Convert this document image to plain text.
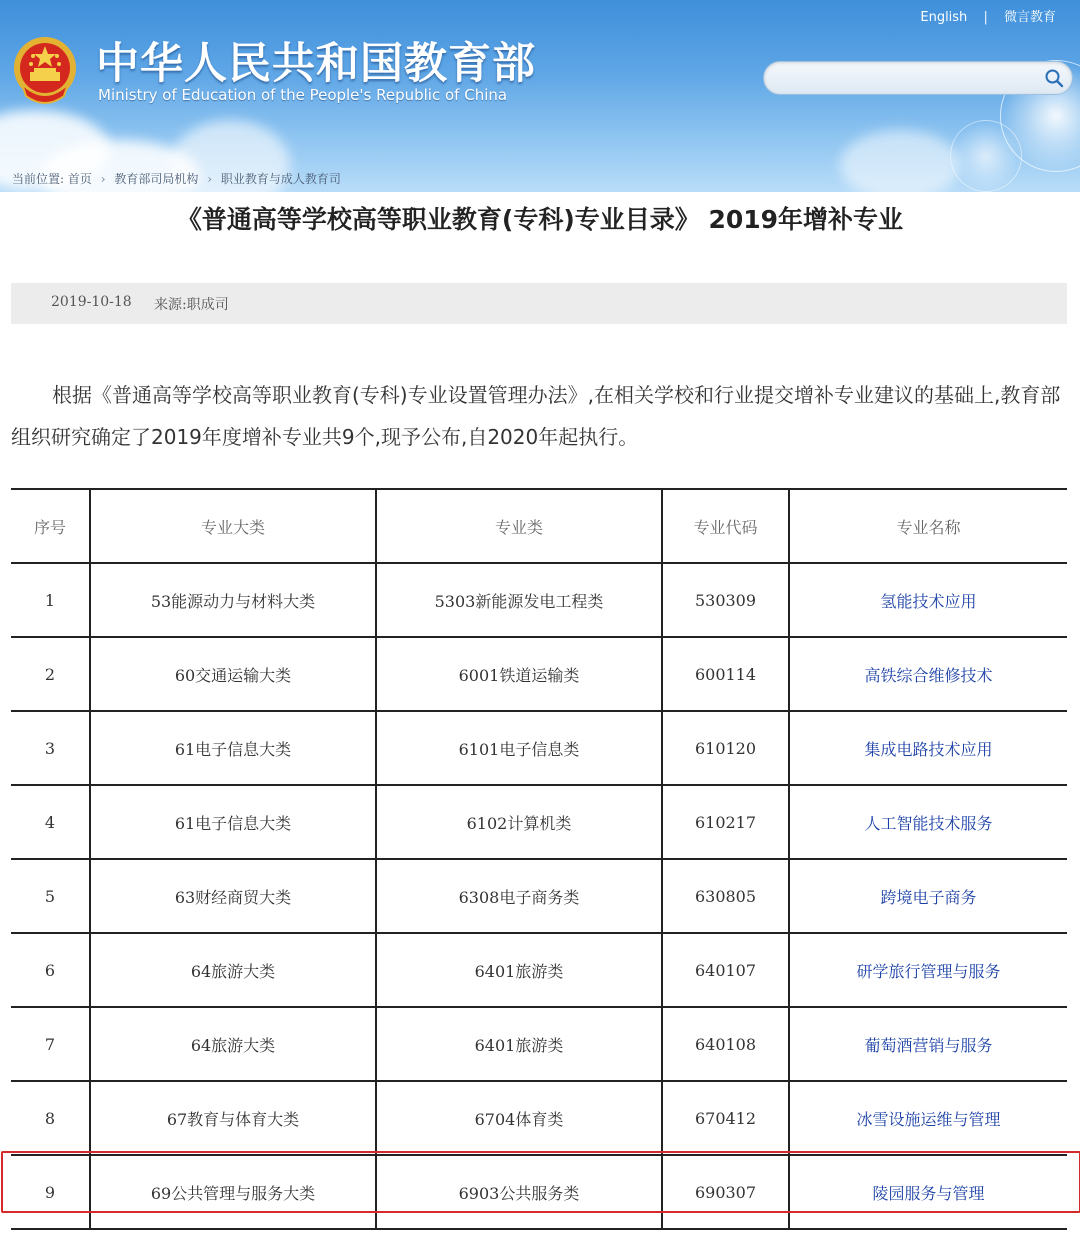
中华人民共和国教育部
Ministry of Education of the People's Republic of China
English | 微言教育
当前位置: 首页 › 教育部司局机构 › 职业教育与成人教育司
《普通高等学校高等职业教育(专科)专业目录》 2019年增补专业
2019-10-18 来源:职成司
根据《普通高等学校高等职业教育(专科)专业设置管理办法》,在相关学校和行业提交增补专业建议的基础上,教育部组织研究确定了2019年度增补专业共9个,现予公布,自2020年起执行。
序号	专业大类	专业类	专业代码	专业名称
1	53能源动力与材料大类	5303新能源发电工程类	530309	氢能技术应用
2	60交通运输大类	6001铁道运输类	600114	高铁综合维修技术
3	61电子信息大类	6101电子信息类	610120	集成电路技术应用
4	61电子信息大类	6102计算机类	610217	人工智能技术服务
5	63财经商贸大类	6308电子商务类	630805	跨境电子商务
6	64旅游大类	6401旅游类	640107	研学旅行管理与服务
7	64旅游大类	6401旅游类	640108	葡萄酒营销与服务
8	67教育与体育大类	6704体育类	670412	冰雪设施运维与管理
9	69公共管理与服务大类	6903公共服务类	690307	陵园服务与管理
